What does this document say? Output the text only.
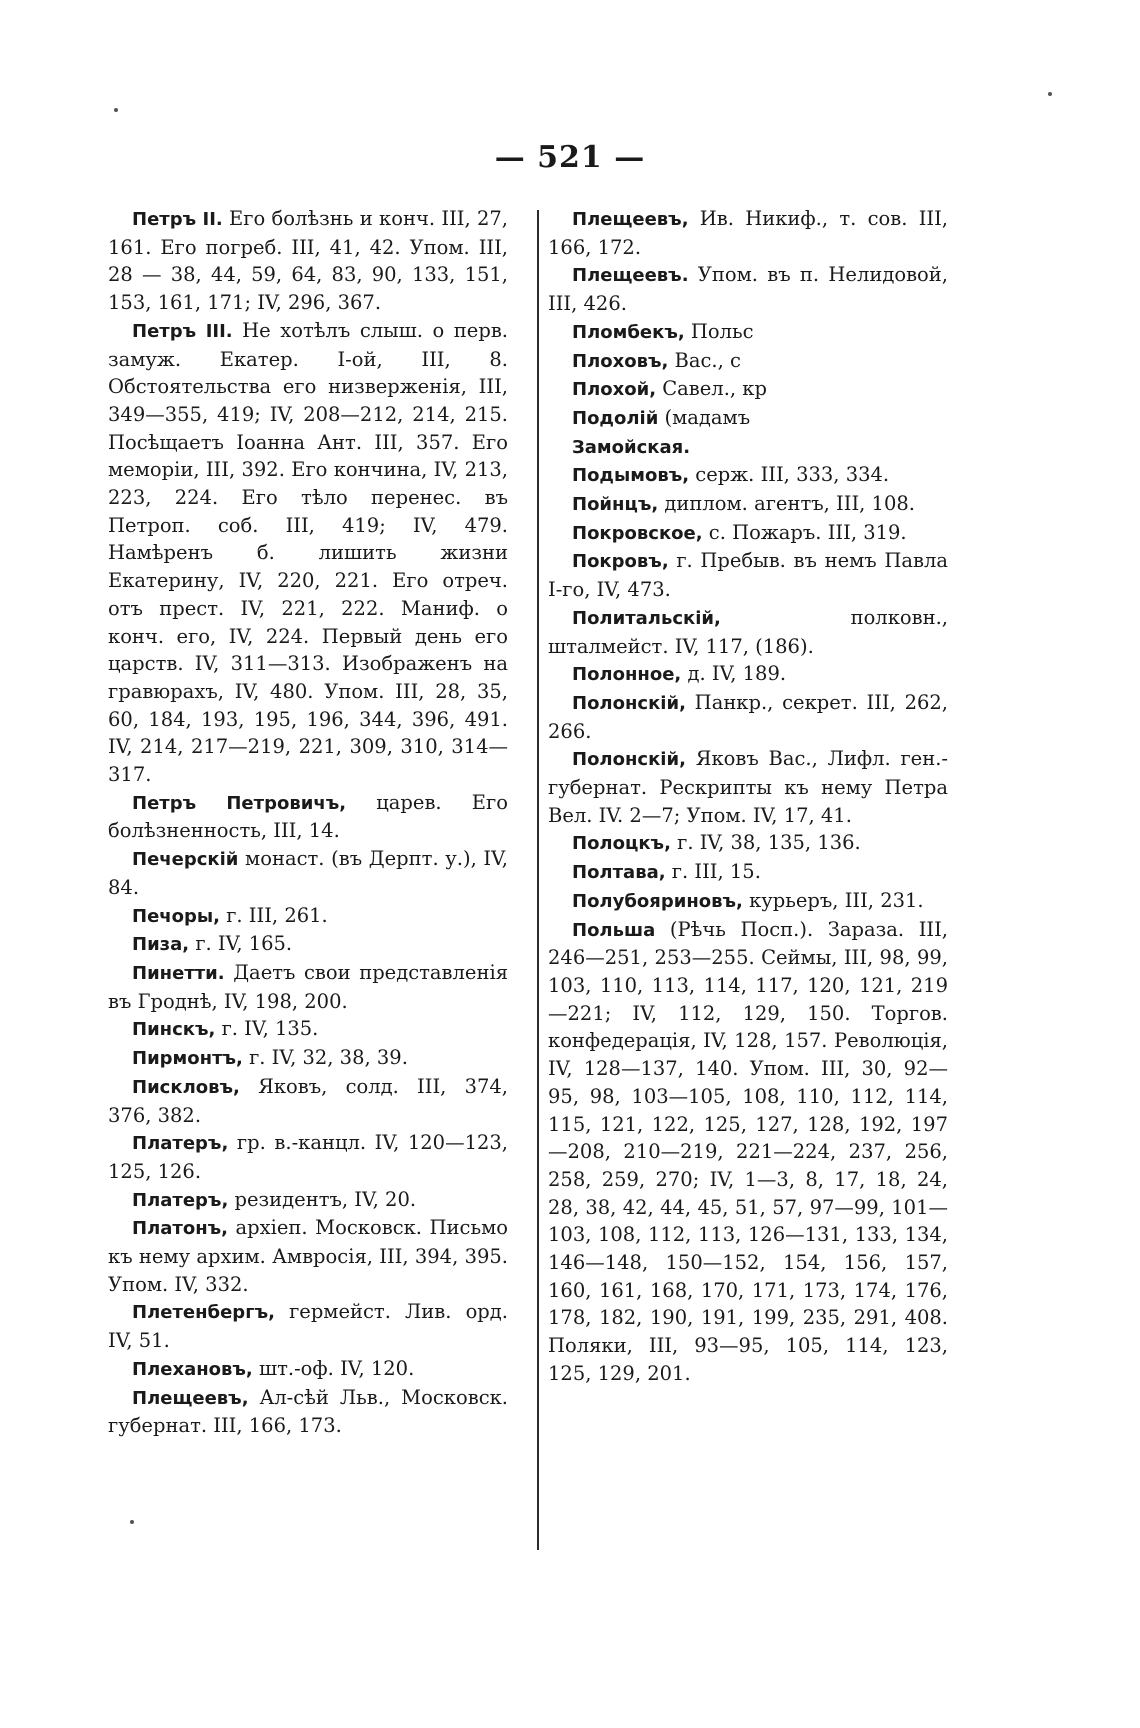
— 521 —

Петръ II. Его болѣзнь и конч. III, 27, 161. Его погреб. III, 41, 42. Упом. III, 28 — 38, 44, 59, 64, 83, 90, 133, 151, 153, 161, 171; IV, 296, 367.

Петръ III. Не хотѣлъ слыш. о перв. замуж. Екатер. I-ой, III, 8. Обстоятельства его низверженія, III, 349—355, 419; IV, 208—212, 214, 215. Посѣщаетъ Іоанна Ант. III, 357. Его меморіи, III, 392. Его кончина, IV, 213, 223, 224. Его тѣло перенес. въ Петроп. соб. III, 419; IV, 479. Намѣренъ б. лишить жизни Екатерину, IV, 220, 221. Его отреч. отъ прест. IV, 221, 222. Маниф. о конч. его, IV, 224. Первый день его царств. IV, 311—313. Изображенъ на гравюрахъ, IV, 480. Упом. III, 28, 35, 60, 184, 193, 195, 196, 344, 396, 491. IV, 214, 217—219, 221, 309, 310, 314—317.

Петръ Петровичъ, царев. Его болѣзненность, III, 14.

Печерскій монаст. (въ Дерпт. у.), IV, 84.

Печоры, г. III, 261.

Пиза, г. IV, 165.

Пинетти. Даетъ свои представленія въ Гроднѣ, IV, 198, 200.

Пинскъ, г. IV, 135.

Пирмонтъ, г. IV, 32, 38, 39.

Пискловъ, Яковъ, солд. III, 374, 376, 382.

Платеръ, гр. в.-канцл. IV, 120—123, 125, 126.

Платеръ, резидентъ, IV, 20.

Платонъ, архіеп. Московск. Письмо къ нему архим. Амвросія, III, 394, 395. Упом. IV, 332.

Плетенбергъ, гермейст. Лив. орд. IV, 51.

Плехановъ, шт.-оф. IV, 120.

Плещеевъ, Ал-сѣй Льв., Московск. губернат. III, 166, 173.

Плещеевъ, Ив. Никиф., т. сов. III, 166, 172.

Плещеевъ. Упом. въ п. Нелидовой, III, 426.

Пломбекъ, Польс

Плоховъ, Вас., с

Плохой, Савел., кр

Подолій (мадамъ

Замойская.

Подымовъ, серж. III, 333, 334.

Пойнцъ, диплом. агентъ, III, 108.

Покровское, с. Пожаръ. III, 319.

Покровъ, г. Пребыв. въ немъ Павла I-го, IV, 473.

Политальскій, полковн., шталмейст. IV, 117, (186).

Полонное, д. IV, 189.

Полонскій, Панкр., секрет. III, 262, 266.

Полонскій, Яковъ Вас., Лифл. ген.-губернат. Рескрипты къ нему Петра Вел. IV. 2—7; Упом. IV, 17, 41.

Полоцкъ, г. IV, 38, 135, 136.

Полтава, г. III, 15.

Полубояриновъ, курьеръ, III, 231.

Польша (Рѣчь Посп.). Зараза. III, 246—251, 253—255. Сеймы, III, 98, 99, 103, 110, 113, 114, 117, 120, 121, 219—221; IV, 112, 129, 150. Торгов. конфедерація, IV, 128, 157. Революція, IV, 128—137, 140. Упом. III, 30, 92—95, 98, 103—105, 108, 110, 112, 114, 115, 121, 122, 125, 127, 128, 192, 197—208, 210—219, 221—224, 237, 256, 258, 259, 270; IV, 1—3, 8, 17, 18, 24, 28, 38, 42, 44, 45, 51, 57, 97—99, 101—103, 108, 112, 113, 126—131, 133, 134, 146—148, 150—152, 154, 156, 157, 160, 161, 168, 170, 171, 173, 174, 176, 178, 182, 190, 191, 199, 235, 291, 408. Поляки, III, 93—95, 105, 114, 123, 125, 129, 201.
